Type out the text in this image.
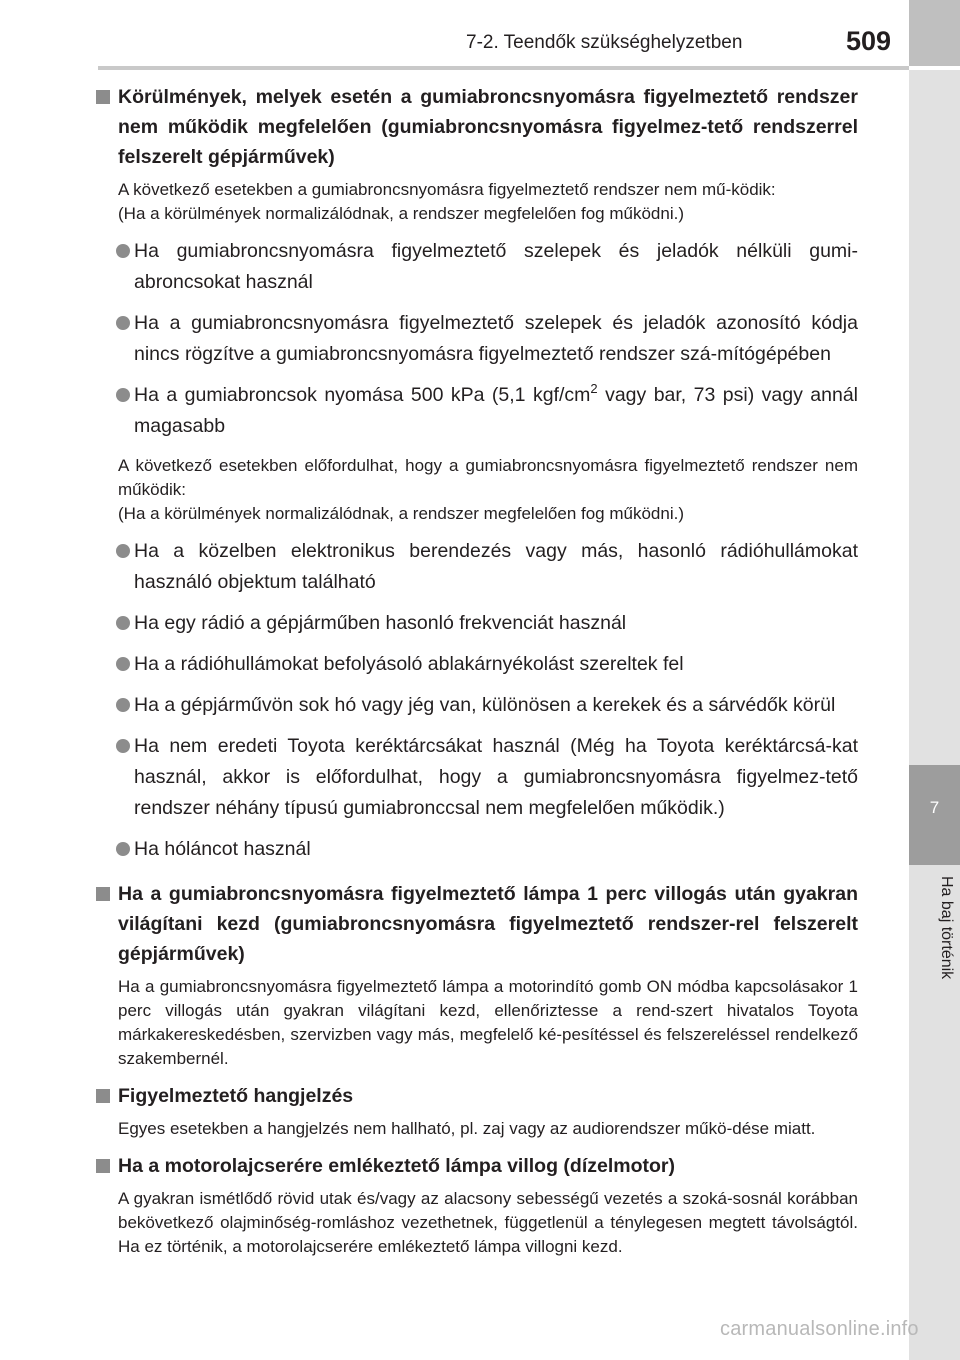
7
Ha baj történik
7-2. Teendők szükséghelyzetben	509
Körülmények, melyek esetén a gumiabroncsnyomásra figyelmeztető rendszer nem működik megfelelően (gumiabroncsnyomásra figyelmez-tető rendszerrel felszerelt gépjárművek)
A következő esetekben a gumiabroncsnyomásra figyelmeztető rendszer nem mű-ködik:
(Ha a körülmények normalizálódnak, a rendszer megfelelően fog működni.)
Ha gumiabroncsnyomásra figyelmeztető szelepek és jeladók nélküli gumi-abroncsokat használ
Ha a gumiabroncsnyomásra figyelmeztető szelepek és jeladók azonosító kódja nincs rögzítve a gumiabroncsnyomásra figyelmeztető rendszer szá-mítógépében
Ha a gumiabroncsok nyomása 500 kPa (5,1 kgf/$cm^2$ vagy bar, 73 psi) vagy annál magasabb
A következő esetekben előfordulhat, hogy a gumiabroncsnyomásra figyelmeztető rendszer nem működik:
(Ha a körülmények normalizálódnak, a rendszer megfelelően fog működni.)
Ha a közelben elektronikus berendezés vagy más, hasonló rádióhullámokat használó objektum található
Ha egy rádió a gépjárműben hasonló frekvenciát használ
Ha a rádióhullámokat befolyásoló ablakárnyékolást szereltek fel
Ha a gépjárművön sok hó vagy jég van, különösen a kerekek és a sárvédők körül
Ha nem eredeti Toyota keréktárcsákat használ (Még ha Toyota keréktárcsá-kat használ, akkor is előfordulhat, hogy a gumiabroncsnyomásra figyelmez-tető rendszer néhány típusú gumiabronccsal nem megfelelően működik.)
Ha hóláncot használ
Ha a gumiabroncsnyomásra figyelmeztető lámpa 1 perc villogás után gyakran világítani kezd (gumiabroncsnyomásra figyelmeztető rendszer-rel felszerelt gépjárművek)
Ha a gumiabroncsnyomásra figyelmeztető lámpa a motorindító gomb ON módba kapcsolásakor 1 perc villogás után gyakran világítani kezd, ellenőriztesse a rend-szert hivatalos Toyota márkakereskedésben, szervizben vagy más, megfelelő ké-pesítéssel és felszereléssel rendelkező szakembernél.
Figyelmeztető hangjelzés
Egyes esetekben a hangjelzés nem hallható, pl. zaj vagy az audiorendszer műkö-dése miatt.
Ha a motorolajcserére emlékeztető lámpa villog (dízelmotor)
A gyakran ismétlődő rövid utak és/vagy az alacsony sebességű vezetés a szoká-sosnál korábban bekövetkező olajminőség-romláshoz vezethetnek, függetlenül a ténylegesen megtett távolságtól. Ha ez történik, a motorolajcserére emlékeztető lámpa villogni kezd.
carmanualsonline.info
